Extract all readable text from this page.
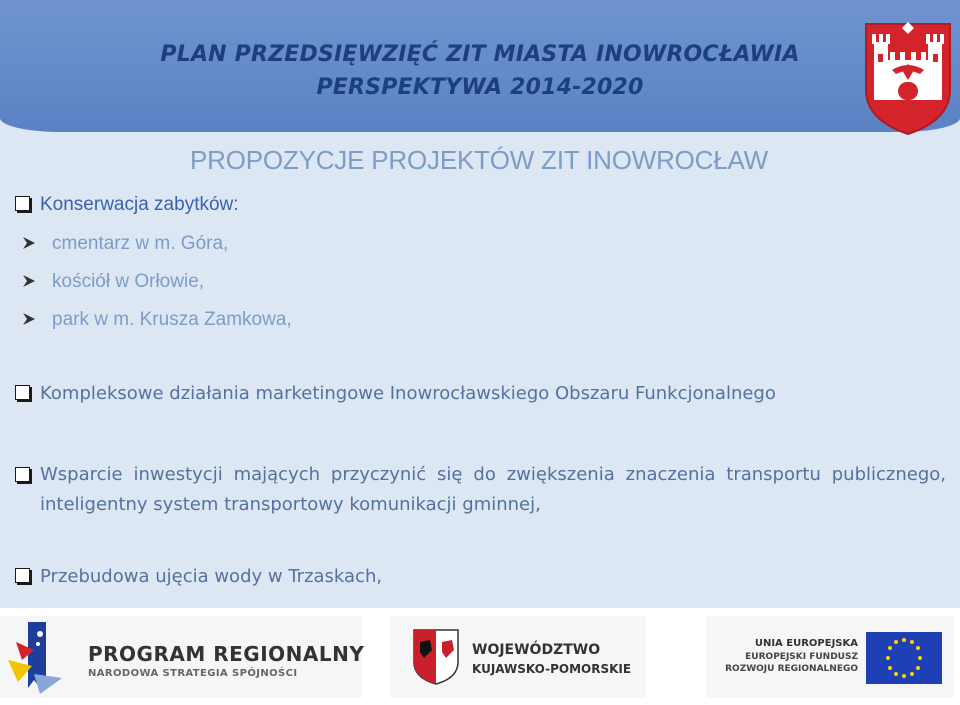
PLAN PRZEDSIĘWZIĘĆ ZIT MIASTA INOWROCŁAWIA
PERSPEKTYWA 2014-2020
PROPOZYCJE PROJEKTÓW ZIT INOWROCŁAW
Konserwacja zabytków:
cmentarz w m. Góra,
kościół w Orłowie,
park w m. Krusza Zamkowa,
Kompleksowe działania marketingowe Inowrocławskiego Obszaru Funkcjonalnego
Wsparcie inwestycji mających przyczynić się do zwiększenia znaczenia transportu publicznego, inteligentny system transportowy komunikacji gminnej,
Przebudowa ujęcia wody w Trzaskach,
PROGRAM REGIONALNY
NARODOWA STRATEGIA SPÓJNOŚCI
WOJEWÓDZTWO
KUJAWSKO-POMORSKIE
UNIA EUROPEJSKA
EUROPEJSKI FUNDUSZ
ROZWOJU REGIONALNEGO
